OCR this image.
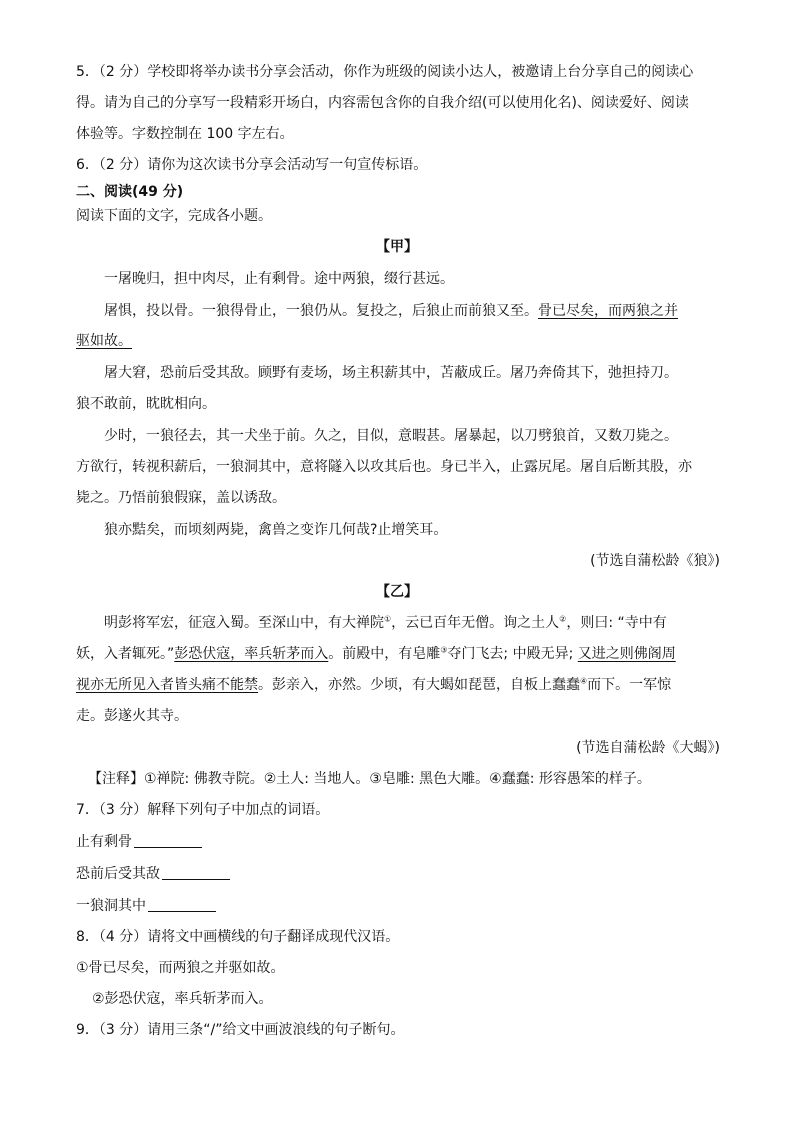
5．（2 分）学校即将举办读书分享会活动，你作为班级的阅读小达人，被邀请上台分享自己的阅读心
得。请为自己的分享写一段精彩开场白，内容需包含你的自我介绍(可以使用化名)、阅读爱好、阅读
体验等。字数控制在 100 字左右。
6．（2 分）请你为这次读书分享会活动写一句宣传标语。
二、阅读(49 分)
阅读下面的文字，完成各小题。
【甲】
一屠晚归，担中肉尽，止有剩骨。途中两狼，缀行甚远。
屠惧，投以骨。一狼得骨止，一狼仍从。复投之，后狼止而前狼又至。骨已尽矣，而两狼之并
驱如故。
屠大窘，恐前后受其敌。顾野有麦场，场主积薪其中，苫蔽成丘。屠乃奔倚其下，弛担持刀。
狼不敢前，眈眈相向。
少时，一狼径去，其一犬坐于前。久之，目似，意暇甚。屠暴起，以刀劈狼首，又数刀毙之。
方欲行，转视积薪后，一狼洞其中，意将隧入以攻其后也。身已半入，止露尻尾。屠自后断其股，亦
毙之。乃悟前狼假寐，盖以诱敌。
狼亦黠矣，而顷刻两毙，禽兽之变诈几何哉?止增笑耳。
(节选自蒲松龄《狼》)
【乙】
明彭将军宏，征寇入蜀。至深山中，有大禅院①，云已百年无僧。询之土人②，则曰: “寺中有
妖，入者辄死。”彭恐伏寇，率兵斩茅而入。前殿中，有皂雕③夺门飞去; 中殿无异; 又进之则佛阁周
视亦无所见入者皆头痛不能禁。彭亲入，亦然。少顷，有大蝎如琵琶，自板上蠢蠢④而下。一军惊
走。彭遂火其寺。
(节选自蒲松龄《大蝎》)
【注释】①禅院: 佛教寺院。②土人: 当地人。③皂雕: 黑色大雕。④蠢蠢: 形容愚笨的样子。
7．（3 分）解释下列句子中加点的词语。
止有剩骨
恐前后受其敌
一狼洞其中
8．（4 分）请将文中画横线的句子翻译成现代汉语。
①骨已尽矣，而两狼之并驱如故。
②彭恐伏寇，率兵斩茅而入。
9．（3 分）请用三条“/”给文中画波浪线的句子断句。
